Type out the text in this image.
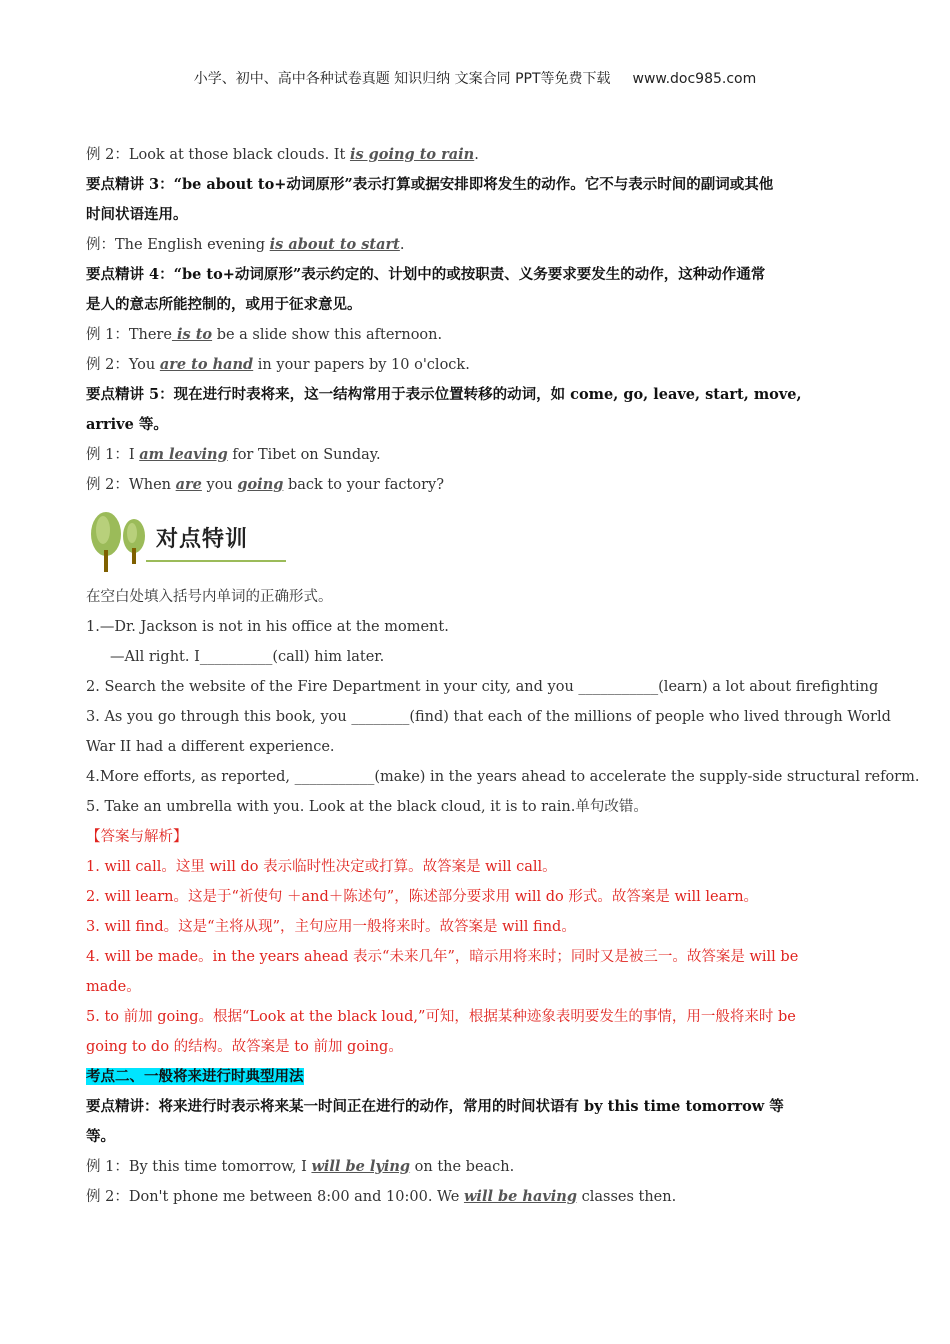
小学、初中、高中各种试卷真题 知识归纳 文案合同 PPT等免费下载 www.doc985.com
例 2：Look at those black clouds. It is going to rain.
要点精讲 3：“be about to+动词原形”表示打算或据安排即将发生的动作。它不与表示时间的副词或其他
时间状语连用。
例：The English evening is about to start.
要点精讲 4：“be to+动词原形”表示约定的、计划中的或按职责、义务要求要发生的动作，这种动作通常
是人的意志所能控制的，或用于征求意见。
例 1：There is to be a slide show this afternoon.
例 2：You are to hand in your papers by 10 o'clock.
要点精讲 5：现在进行时表将来，这一结构常用于表示位置转移的动词，如 come, go, leave, start, move,
arrive 等。
例 1：I am leaving for Tibet on Sunday.
例 2：When are you going back to your factory?
对点特训
在空白处填入括号内单词的正确形式。
1.—Dr. Jackson is not in his office at the moment.
—All right. I__________(call) him later.
2. Search the website of the Fire Department in your city, and you ___________(learn) a lot about firefighting
3. As you go through this book, you ________(find) that each of the millions of people who lived through World
War II had a different experience.
4.More efforts, as reported, ___________(make) in the years ahead to accelerate the supply-side structural reform.
5. Take an umbrella with you. Look at the black cloud, it is to rain.单句改错。
【答案与解析】
1. will call。这里 will do 表示临时性决定或打算。故答案是 will call。
2. will learn。这是于“祈使句 ＋and＋陈述句”，陈述部分要求用 will do 形式。故答案是 will learn。
3. will find。这是“主将从现”，主句应用一般将来时。故答案是 will find。
4. will be made。in the years ahead 表示“未来几年”，暗示用将来时；同时又是被三一。故答案是 will be
made。
5. to 前加 going。根据“Look at the black loud,”可知，根据某种迹象表明要发生的事情，用一般将来时 be
going to do 的结构。故答案是 to 前加 going。
考点二、一般将来进行时典型用法
要点精讲：将来进行时表示将来某一时间正在进行的动作，常用的时间状语有 by this time tomorrow 等
等。
例 1：By this time tomorrow, I will be lying on the beach.
例 2：Don't phone me between 8:00 and 10:00. We will be having classes then.
